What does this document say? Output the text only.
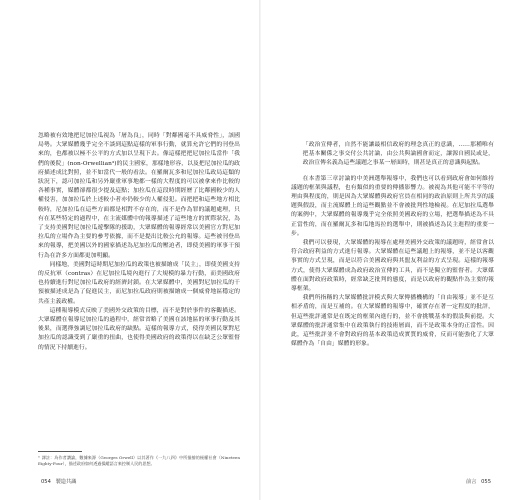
忽略被有效地把尼加拉瓜視為「屠為良」，同時「對鄰國毫不具威脅性」，該國局勢。大眾媒體幾乎完全不談到這點這樣的軍事行動，就算允許它們的刊登出來的，也都被以極不公平的方式加以呈現下去。像這樣把把尼加拉瓜當作「我們的後院」(non-Orwellian³)的民主國家，那樣地形容，以及把尼加拉瓜的政府描述成比對照，並不如當代一般的看法。在羅爾瓦多和尼加拉瓜政局這類的狀況下，認可加拉瓜和另外嚴重軍事地都一樣的大程度的可以被拿來作比較的各種事實，媒體卻都很少提及這點；加拉瓜在這段時期經歷了比鄰國較少的人權侵害，加加拉瓜於上述較小者亦仍較少的人權侵犯。而把把和這些地方相比較時，尼加拉瓜在這些方面都是相對不存在的，而不是作為罪的議題處理，只有在某些特定的過程中，在主流媒體中的報導描述了這些地方的實際狀況，為了支持美國對尼加拉瓜遊擊隊的援助，大眾媒體的報導經常以美國官方對尼加拉瓜的立場作為主要的參考依據，而不是提出比較公允的報導。這些被刊登出來的報導，把美國以外的國家描述為尼加拉瓜的壓迫者，即使美國的軍事干預行為在許多方面都更加明顯。

同樣地，美國對這時期尼加拉瓜的政策也被描繪成「民主」，即使美國支持的反抗軍（contras）在尼加拉瓜境內進行了大規模的暴力行動，而美國政府也持續進行對尼加拉瓜政府的經濟封鎖。在大眾媒體中，美國對尼加拉瓜的干預被描述成是為了促進民主，而尼加拉瓜政府則被描繪成一個威脅地區穩定的共產主義政權。

這種報導模式反映了美國外交政策的目標，而不是對於事件的客觀描述。大眾媒體在報導尼加拉瓜的過程中，經常省略了美國在該地區的軍事行動及其後果，而選擇強調尼加拉瓜政府的缺點。這樣的報導方式，使得美國民眾對尼加拉瓜的認識受到了嚴重的扭曲，也使得美國政府的政策得以在缺乏公眾監督的情況下持續進行。

³ 譯註：為作者讚論，數據來源（Georges Orwell）以其著作《一九八四》中所描繪的極權社會（Nineteen Eighty-Four），描述政府如何透過操縱語言來控制人民的思想。
054 製造共識

「政治宣傳者，自然不能讓最相信政府的理念真正的意識，……那種唯有把基本關係之事交付公共討論，由公共與論國會而定，讓源自國民或是，政治宣傳名義為這些議題之事某一層面時，則甚是真正的意識與起點。

在本書第三章討論的中美洲選舉報導中，我們也可以看到政府會如何維持議題的框架與議程，也有類似的重要的傳播影響力。被視為其他可能不平等的理由與程度的，則是因為大眾媒體與政府官員在相同的政治原則上所共享的議題與假設，而主流媒體上的這些觀點並不會被批判性地檢視。在尼加拉瓜選舉的案例中，大眾媒體的報導幾乎完全依照美國政府的立場，把選舉描述為不具正當性的，而在羅爾瓦多和瓜地馬拉的選舉中，則被描述為民主進程的重要一步。

我們可以發現，大眾媒體的報導在處理美國外交政策的議題時，經常會以符合政府利益的方式進行報導。大眾媒體在這些議題上的報導，並不是以客觀事實的方式呈現，而是以符合美國政府與其盟友利益的方式呈現。這樣的報導方式，使得大眾媒體成為政府政治宣傳的工具，而不是獨立的監督者。大眾媒體在面對政府政策時，經常缺乏批判的態度，而是以政府的觀點作為主要的報導框架。

我們所指稱的大眾媒體批評模式與大眾傳播機構的「自由報導」並不是互相矛盾的，而是互補的。在大眾媒體的報導中，確實存在著一定程度的批評，但這些批評通常是在既定的框架內進行的，並不會挑戰基本的假設與前提。大眾媒體的批評通常集中在政策執行的技術層面，而不是政策本身的正當性。因此，這些批評並不會對政府的基本政策造成實質的威脅，反而可能強化了大眾媒體作為「自由」媒體的形象。

前言 055
